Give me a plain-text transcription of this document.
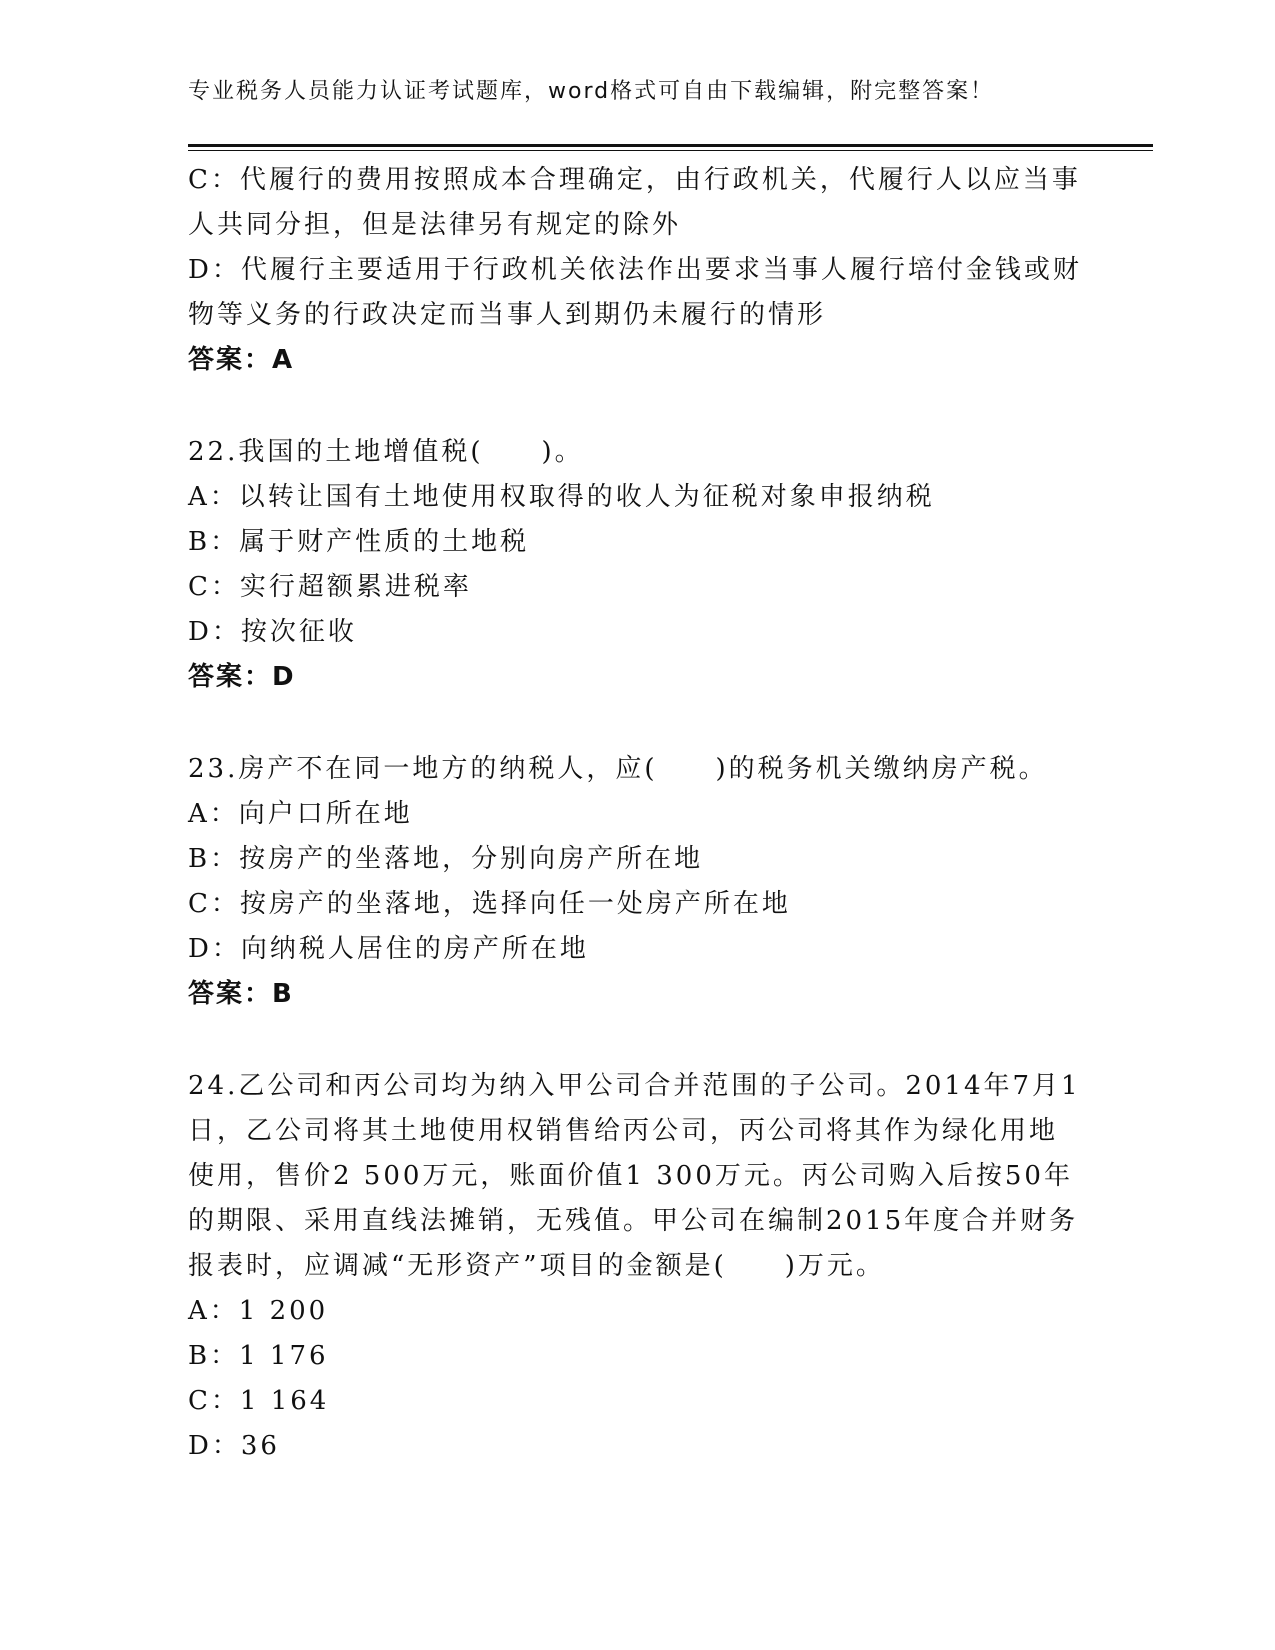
专业税务人员能力认证考试题库，word格式可自由下载编辑，附完整答案！
C：代履行的费用按照成本合理确定，由行政机关，代履行人以应当事
人共同分担，但是法律另有规定的除外
D：代履行主要适用于行政机关依法作出要求当事人履行培付金钱或财
物等义务的行政决定而当事人到期仍未履行的情形
答案：A
22.我国的土地增值税(　　)。
A：以转让国有土地使用权取得的收人为征税对象申报纳税
B：属于财产性质的土地税
C：实行超额累进税率
D：按次征收
答案：D
23.房产不在同一地方的纳税人，应(　　)的税务机关缴纳房产税。
A：向户口所在地
B：按房产的坐落地，分别向房产所在地
C：按房产的坐落地，选择向任一处房产所在地
D：向纳税人居住的房产所在地
答案：B
24.乙公司和丙公司均为纳入甲公司合并范围的子公司。2014年7月1
日，乙公司将其土地使用权销售给丙公司，丙公司将其作为绿化用地
使用，售价2 500万元，账面价值1 300万元。丙公司购入后按50年
的期限、采用直线法摊销，无残值。甲公司在编制2015年度合并财务
报表时，应调减“无形资产”项目的金额是(　　)万元。
A：1 200
B：1 176
C：1 164
D：36
